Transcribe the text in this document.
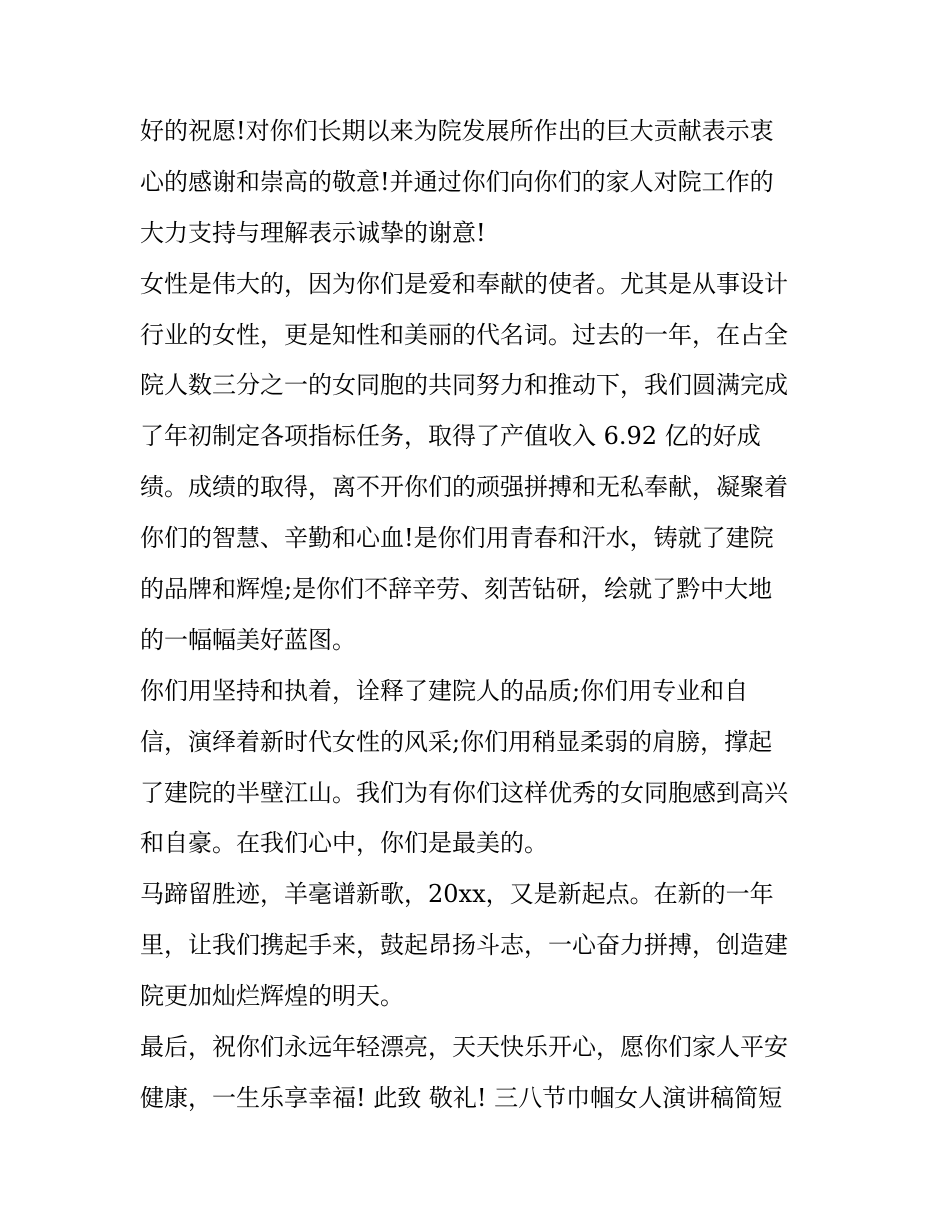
好的祝愿!对你们长期以来为院发展所作出的巨大贡献表示衷
心的感谢和崇高的敬意!并通过你们向你们的家人对院工作的
大力支持与理解表示诚挚的谢意!
女性是伟大的，因为你们是爱和奉献的使者。尤其是从事设计
行业的女性，更是知性和美丽的代名词。过去的一年，在占全
院人数三分之一的女同胞的共同努力和推动下，我们圆满完成
了年初制定各项指标任务，取得了产值收入 6.92 亿的好成
绩。成绩的取得，离不开你们的顽强拼搏和无私奉献，凝聚着
你们的智慧、辛勤和心血!是你们用青春和汗水，铸就了建院
的品牌和辉煌;是你们不辞辛劳、刻苦钻研，绘就了黔中大地
的一幅幅美好蓝图。
你们用坚持和执着，诠释了建院人的品质;你们用专业和自
信，演绎着新时代女性的风采;你们用稍显柔弱的肩膀，撑起
了建院的半壁江山。我们为有你们这样优秀的女同胞感到高兴
和自豪。在我们心中，你们是最美的。
马蹄留胜迹，羊毫谱新歌，20xx，又是新起点。在新的一年
里，让我们携起手来，鼓起昂扬斗志，一心奋力拼搏，创造建
院更加灿烂辉煌的明天。
最后，祝你们永远年轻漂亮，天天快乐开心，愿你们家人平安
健康，一生乐享幸福! 此致 敬礼! 三八节巾帼女人演讲稿简短
